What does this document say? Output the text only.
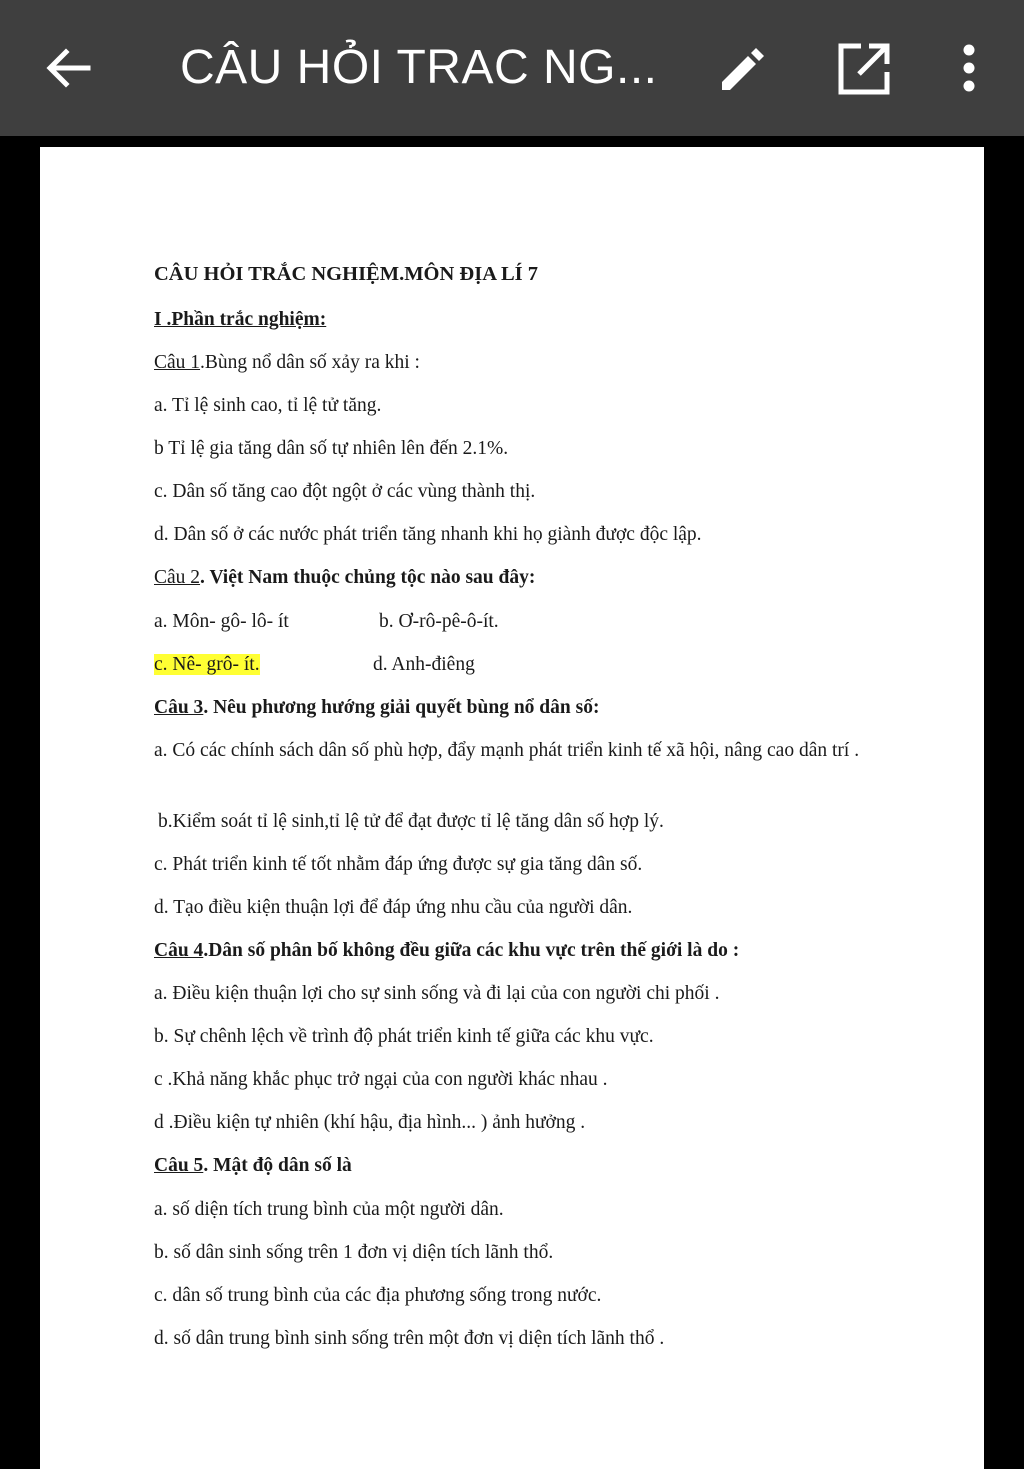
CÂU HỎI TRAC NG...
CÂU HỎI TRẮC NGHIỆM.MÔN ĐỊA LÍ 7
I .Phần trắc nghiệm:
Câu 1.Bùng nổ dân số xảy ra khi :
a. Tỉ lệ sinh cao, tỉ lệ tử tăng.
b Tỉ lệ gia tăng dân số tự nhiên lên đến 2.1%.
c. Dân số tăng cao đột ngột ở các vùng thành thị.
d. Dân số ở các nước phát triển tăng nhanh khi họ giành được độc lập.
Câu 2. Việt Nam thuộc chủng tộc nào sau đây:
a. Môn- gô- lô- ít	b. Ơ-rô-pê-ô-ít.
c. Nê- grô- ít.	d. Anh-điêng
Câu 3. Nêu phương hướng giải quyết bùng nổ dân số:
a. Có các chính sách dân số phù hợp, đẩy mạnh phát triển kinh tế xã hội, nâng cao dân trí .
b.Kiểm soát tỉ lệ sinh,tỉ lệ tử để đạt được tỉ lệ tăng dân số hợp lý.
c. Phát triển kinh tế tốt nhằm đáp ứng được sự gia tăng dân số.
d. Tạo điều kiện thuận lợi để đáp ứng nhu cầu của người dân.
Câu 4.Dân số phân bố không đều giữa các khu vực trên thế giới là do :
a. Điều kiện thuận lợi cho sự sinh sống và đi lại của con người chi phối .
b. Sự chênh lệch về trình độ phát triển kinh tế giữa các khu vực.
c .Khả năng khắc phục trở ngại của con người khác nhau .
d .Điều kiện tự nhiên (khí hậu, địa hình... ) ảnh hưởng .
Câu 5. Mật độ dân số là
a. số diện tích trung bình của một người dân.
b. số dân sinh sống trên 1 đơn vị diện tích lãnh thổ.
c. dân số trung bình của các địa phương sống trong nước.
d. số dân trung bình sinh sống trên một đơn vị diện tích lãnh thổ .
